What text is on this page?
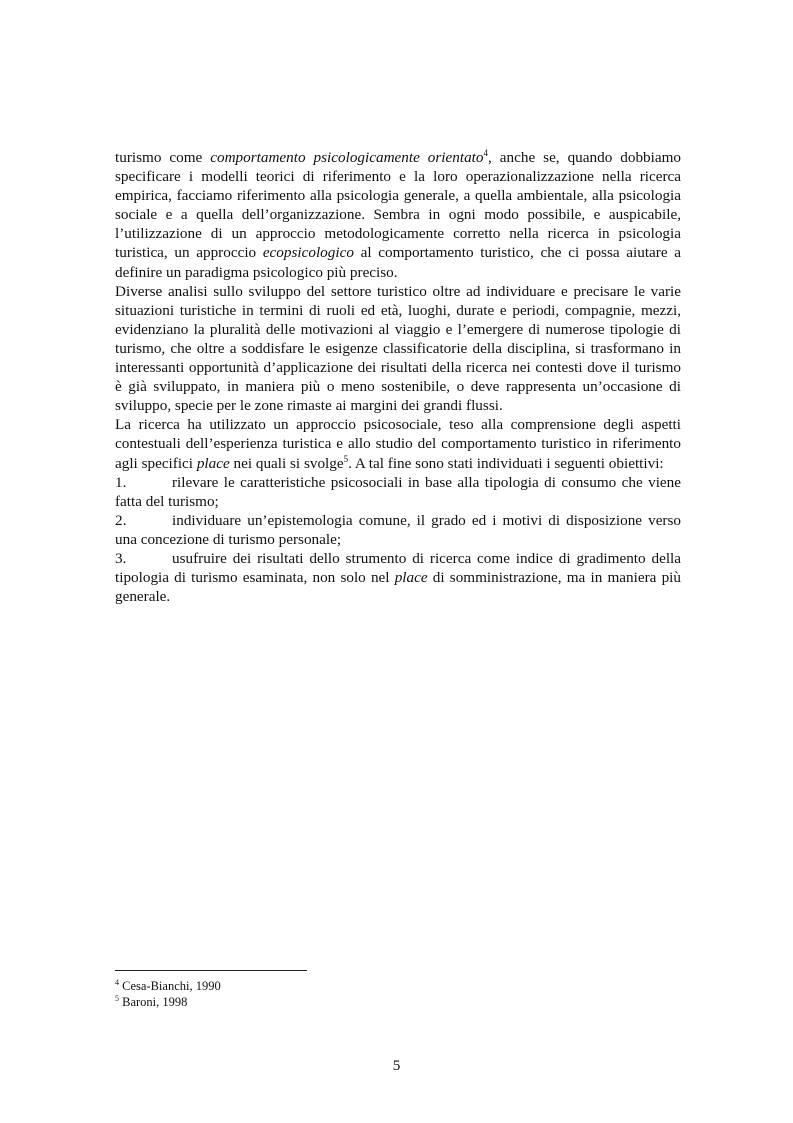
turismo come comportamento psicologicamente orientato$^4$, anche se, quando dobbiamo specificare i modelli teorici di riferimento e la loro operazionalizzazione nella ricerca empirica, facciamo riferimento alla psicologia generale, a quella ambientale, alla psicologia sociale e a quella dell’organizzazione. Sembra in ogni modo possibile, e auspicabile, l’utilizzazione di un approccio metodologicamente corretto nella ricerca in psicologia turistica, un approccio ecopsicologico al comportamento turistico, che ci possa aiutare a definire un paradigma psicologico più preciso.

Diverse analisi sullo sviluppo del settore turistico oltre ad individuare e precisare le varie situazioni turistiche in termini di ruoli ed età, luoghi, durate e periodi, compagnie, mezzi, evidenziano la pluralità delle motivazioni al viaggio e l’emergere di numerose tipologie di turismo, che oltre a soddisfare le esigenze classificatorie della disciplina, si trasformano in interessanti opportunità d’applicazione dei risultati della ricerca nei contesti dove il turismo è già sviluppato, in maniera più o meno sostenibile, o deve rappresenta un’occasione di sviluppo, specie per le zone rimaste ai margini dei grandi flussi.

La ricerca ha utilizzato un approccio psicosociale, teso alla comprensione degli aspetti contestuali dell’esperienza turistica e allo studio del comportamento turistico in riferimento agli specifici place nei quali si svolge$^5$. A tal fine sono stati individuati i seguenti obiettivi:

1.	rilevare le caratteristiche psicosociali in base alla tipologia di consumo che viene fatta del turismo;

2.	individuare un’epistemologia comune, il grado ed i motivi di disposizione verso una concezione di turismo personale;

3.	usufruire dei risultati dello strumento di ricerca come indice di gradimento della tipologia di turismo esaminata, non solo nel place di somministrazione, ma in maniera più generale.

$^4$ Cesa-Bianchi, 1990
$^5$ Baroni, 1998
5
